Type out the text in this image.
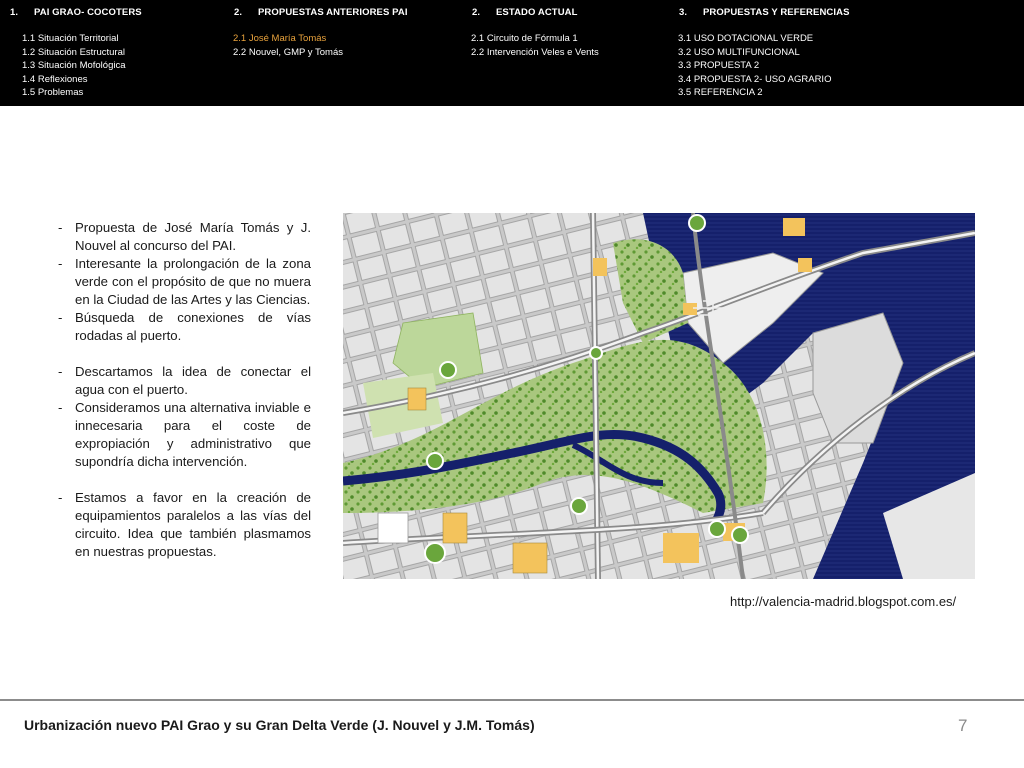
1. PAI GRAO- COCOTERS
1.1 Situación Territorial
1.2 Situación Estructural
1.3 Situación Mofológica
1.4 Reflexiones
1.5 Problemas
2. PROPUESTAS ANTERIORES PAI
2.1 José María Tomás
2.2 Nouvel, GMP y Tomás
2. ESTADO ACTUAL
2.1 Circuito de Fórmula 1
2.2 Intervención Veles e Vents
3. PROPUESTAS Y REFERENCIAS
3.1 USO DOTACIONAL VERDE
3.2 USO MULTIFUNCIONAL
3.3 PROPUESTA 2
3.4 PROPUESTA 2- USO AGRARIO
3.5 REFERENCIA 2
- Propuesta de José María Tomás y J. Nouvel al concurso del PAI.
- Interesante la prolongación de la zona verde con el propósito de que no muera en la Ciudad de las Artes y las Ciencias.
- Búsqueda de conexiones de vías rodadas al puerto.
- Descartamos la idea de conectar el agua con el puerto.
- Consideramos una alternativa inviable e innecesaria para el coste de expropiación y administrativo que supondría dicha intervención.
- Estamos a favor en la creación de equipamientos paralelos a las vías del circuito. Idea que también plasmamos en nuestras propuestas.
http://valencia-madrid.blogspot.com.es/
Urbanización nuevo PAI Grao y su Gran Delta Verde (J. Nouvel y J.M. Tomás)	7
